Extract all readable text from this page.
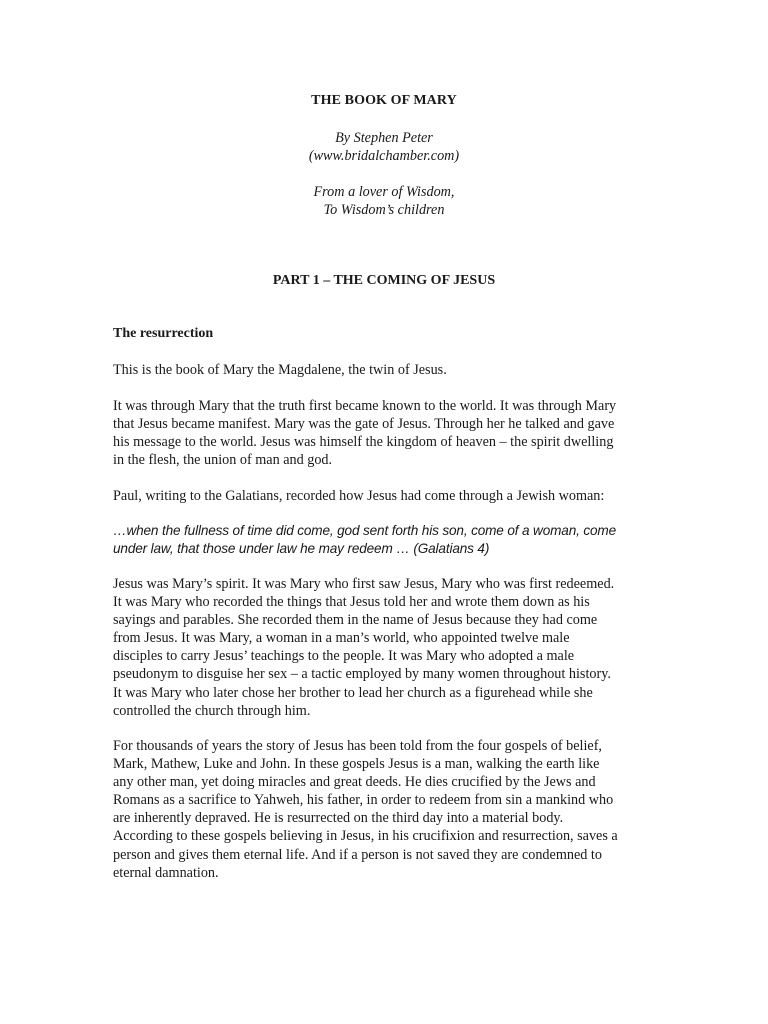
THE BOOK OF MARY
By Stephen Peter
(www.bridalchamber.com)
From a lover of Wisdom,
To Wisdom’s children
PART 1 – THE COMING OF JESUS
The resurrection
This is the book of Mary the Magdalene, the twin of Jesus.
It was through Mary that the truth first became known to the world. It was through Mary
that Jesus became manifest. Mary was the gate of Jesus. Through her he talked and gave
his message to the world. Jesus was himself the kingdom of heaven – the spirit dwelling
in the flesh, the union of man and god.
Paul, writing to the Galatians, recorded how Jesus had come through a Jewish woman:
…when the fullness of time did come, god sent forth his son, come of a woman, come
under law, that those under law he may redeem … (Galatians 4)
Jesus was Mary’s spirit. It was Mary who first saw Jesus, Mary who was first redeemed.
It was Mary who recorded the things that Jesus told her and wrote them down as his
sayings and parables. She recorded them in the name of Jesus because they had come
from Jesus. It was Mary, a woman in a man’s world, who appointed twelve male
disciples to carry Jesus’ teachings to the people. It was Mary who adopted a male
pseudonym to disguise her sex – a tactic employed by many women throughout history.
It was Mary who later chose her brother to lead her church as a figurehead while she
controlled the church through him.
For thousands of years the story of Jesus has been told from the four gospels of belief,
Mark, Mathew, Luke and John. In these gospels Jesus is a man, walking the earth like
any other man, yet doing miracles and great deeds. He dies crucified by the Jews and
Romans as a sacrifice to Yahweh, his father, in order to redeem from sin a mankind who
are inherently depraved. He is resurrected on the third day into a material body.
According to these gospels believing in Jesus, in his crucifixion and resurrection, saves a
person and gives them eternal life. And if a person is not saved they are condemned to
eternal damnation.
